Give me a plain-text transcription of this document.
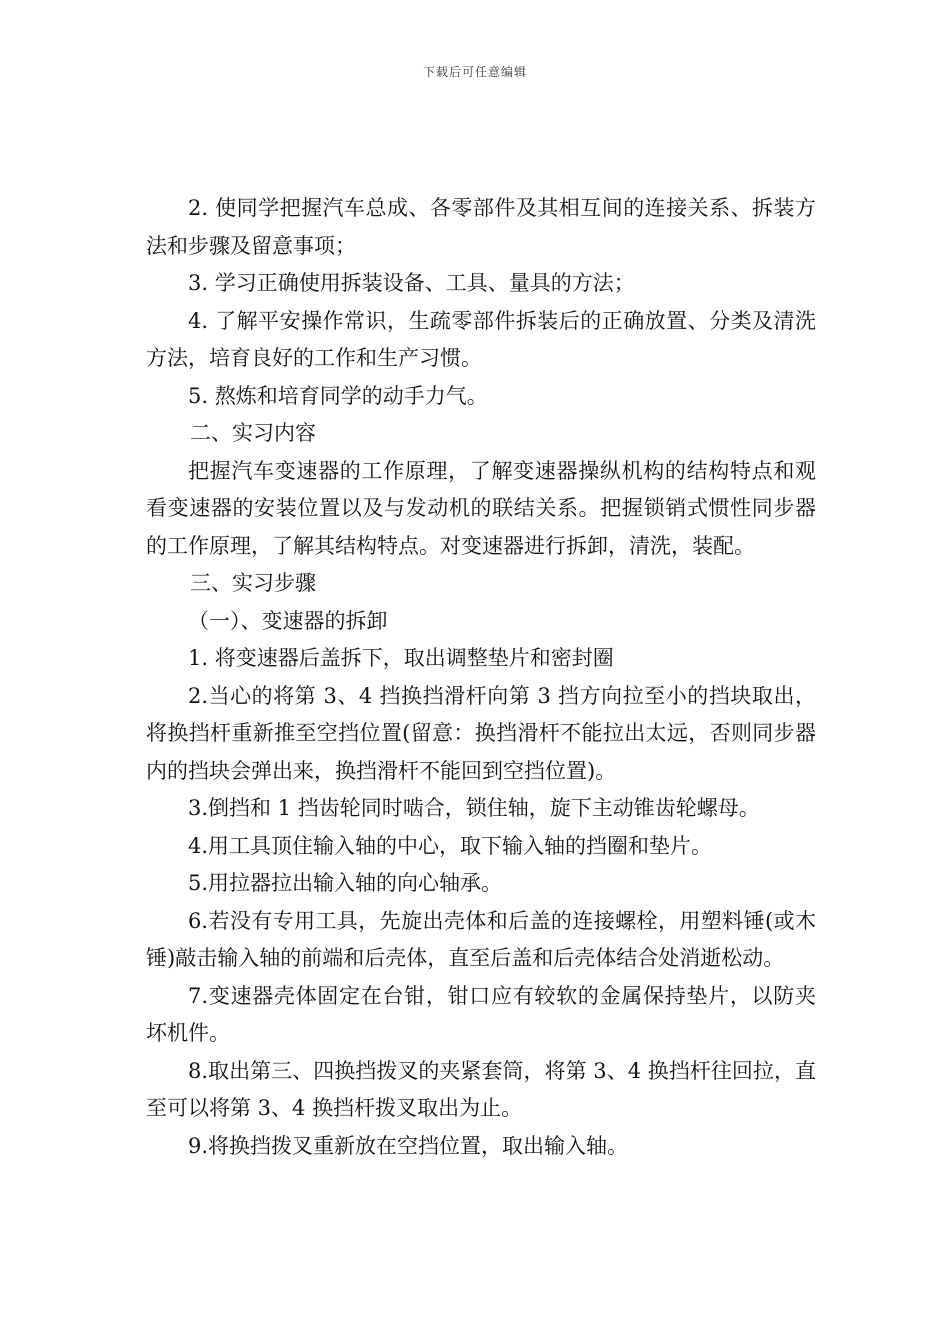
下载后可任意编辑

2. 使同学把握汽车总成、各零部件及其相互间的连接关系、拆装方法和步骤及留意事项；

3. 学习正确使用拆装设备、工具、量具的方法；

4. 了解平安操作常识，生疏零部件拆装后的正确放置、分类及清洗方法，培育良好的工作和生产习惯。

5. 熬炼和培育同学的动手力气。

二、实习内容

把握汽车变速器的工作原理，了解变速器操纵机构的结构特点和观看变速器的安装位置以及与发动机的联结关系。把握锁销式惯性同步器的工作原理，了解其结构特点。对变速器进行拆卸，清洗，装配。

三、实习步骤

（一）、变速器的拆卸

1. 将变速器后盖拆下，取出调整垫片和密封圈

2.当心的将第 3、4 挡换挡滑杆向第 3 挡方向拉至小的挡块取出，将换挡杆重新推至空挡位置(留意：换挡滑杆不能拉出太远，否则同步器内的挡块会弹出来，换挡滑杆不能回到空挡位置)。

3.倒挡和 1 挡齿轮同时啮合，锁住轴，旋下主动锥齿轮螺母。

4.用工具顶住输入轴的中心，取下输入轴的挡圈和垫片。

5.用拉器拉出输入轴的向心轴承。

6.若没有专用工具，先旋出壳体和后盖的连接螺栓，用塑料锤(或木锤)敲击输入轴的前端和后壳体，直至后盖和后壳体结合处消逝松动。

7.变速器壳体固定在台钳，钳口应有较软的金属保持垫片，以防夹坏机件。

8.取出第三、四换挡拨叉的夹紧套筒，将第 3、4 换挡杆往回拉，直至可以将第 3、4 换挡杆拨叉取出为止。

9.将换挡拨叉重新放在空挡位置，取出输入轴。
